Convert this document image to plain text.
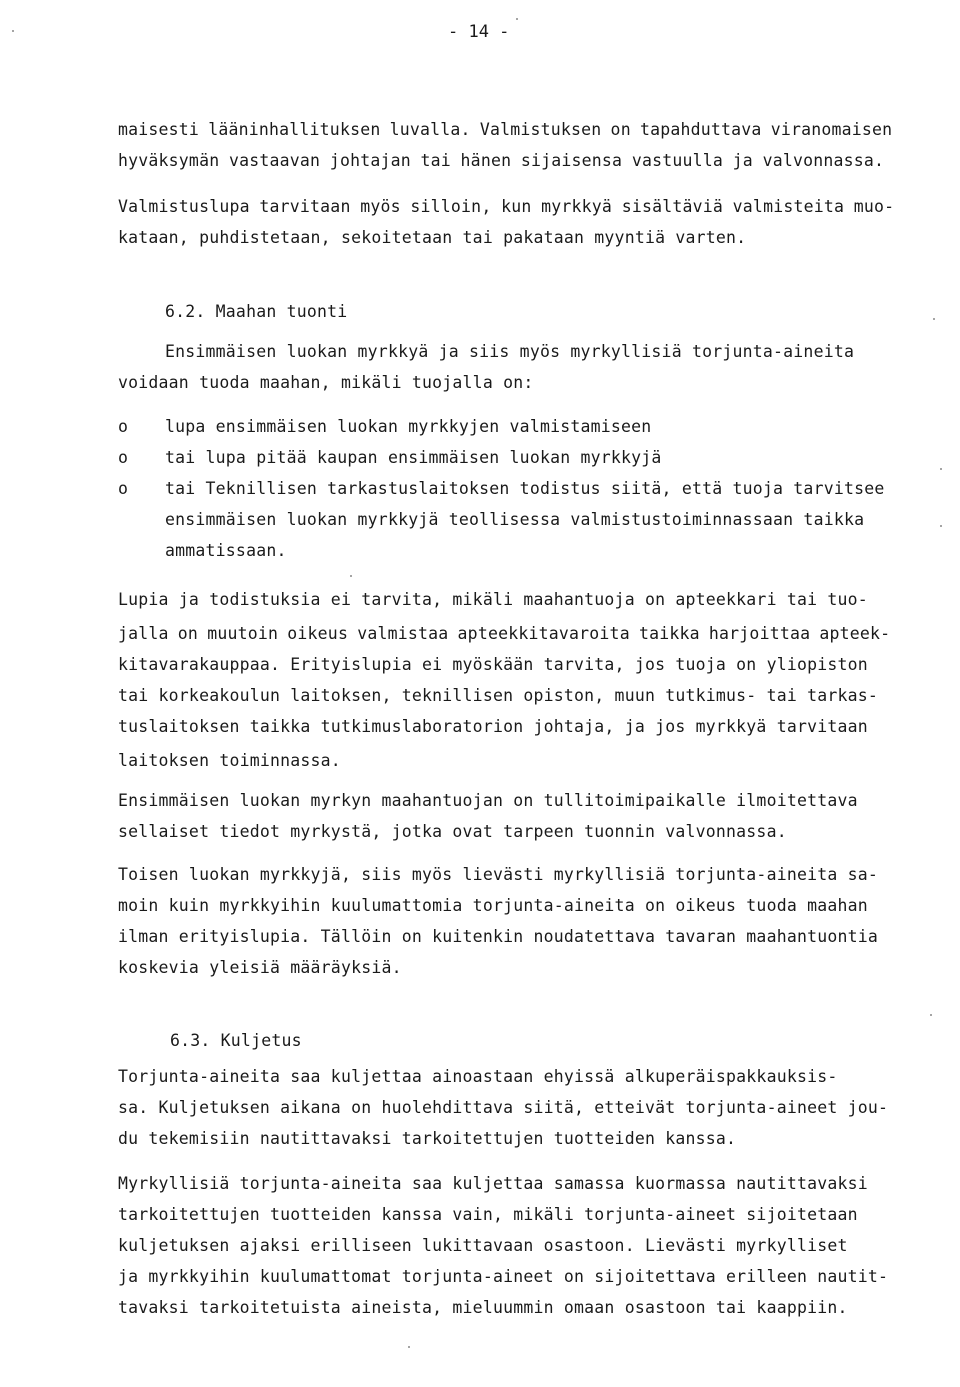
- 14 -
maisesti lääninhallituksen luvalla. Valmistuksen on tapahduttava viranomaisen
hyväksymän vastaavan johtajan tai hänen sijaisensa vastuulla ja valvonnassa.
Valmistuslupa tarvitaan myös silloin, kun myrkkyä sisältäviä valmisteita muo-
kataan, puhdistetaan, sekoitetaan tai pakataan myyntiä varten.
6.2. Maahan tuonti
Ensimmäisen luokan myrkkyä ja siis myös myrkyllisiä torjunta-aineita
voidaan tuoda maahan, mikäli tuojalla on:
o lupa ensimmäisen luokan myrkkyjen valmistamiseen
o tai lupa pitää kaupan ensimmäisen luokan myrkkyjä
o tai Teknillisen tarkastuslaitoksen todistus siitä, että tuoja tarvitsee
ensimmäisen luokan myrkkyjä teollisessa valmistustoiminnassaan taikka
ammatissaan.
Lupia ja todistuksia ei tarvita, mikäli maahantuoja on apteekkari tai tuo-
jalla on muutoin oikeus valmistaa apteekkitavaroita taikka harjoittaa apteek-
kitavarakauppaa. Erityislupia ei myöskään tarvita, jos tuoja on yliopiston
tai korkeakoulun laitoksen, teknillisen opiston, muun tutkimus- tai tarkas-
tuslaitoksen taikka tutkimuslaboratorion johtaja, ja jos myrkkyä tarvitaan
laitoksen toiminnassa.
Ensimmäisen luokan myrkyn maahantuojan on tullitoimipaikalle ilmoitettava
sellaiset tiedot myrkystä, jotka ovat tarpeen tuonnin valvonnassa.
Toisen luokan myrkkyjä, siis myös lievästi myrkyllisiä torjunta-aineita sa-
moin kuin myrkkyihin kuulumattomia torjunta-aineita on oikeus tuoda maahan
ilman erityislupia. Tällöin on kuitenkin noudatettava tavaran maahantuontia
koskevia yleisiä määräyksiä.
6.3. Kuljetus
Torjunta-aineita saa kuljettaa ainoastaan ehyissä alkuperäispakkauksis-
sa. Kuljetuksen aikana on huolehdittava siitä, etteivät torjunta-aineet jou-
du tekemisiin nautittavaksi tarkoitettujen tuotteiden kanssa.
Myrkyllisiä torjunta-aineita saa kuljettaa samassa kuormassa nautittavaksi
tarkoitettujen tuotteiden kanssa vain, mikäli torjunta-aineet sijoitetaan
kuljetuksen ajaksi erilliseen lukittavaan osastoon. Lievästi myrkylliset
ja myrkkyihin kuulumattomat torjunta-aineet on sijoitettava erilleen nautit-
tavaksi tarkoitetuista aineista, mieluummin omaan osastoon tai kaappiin.
